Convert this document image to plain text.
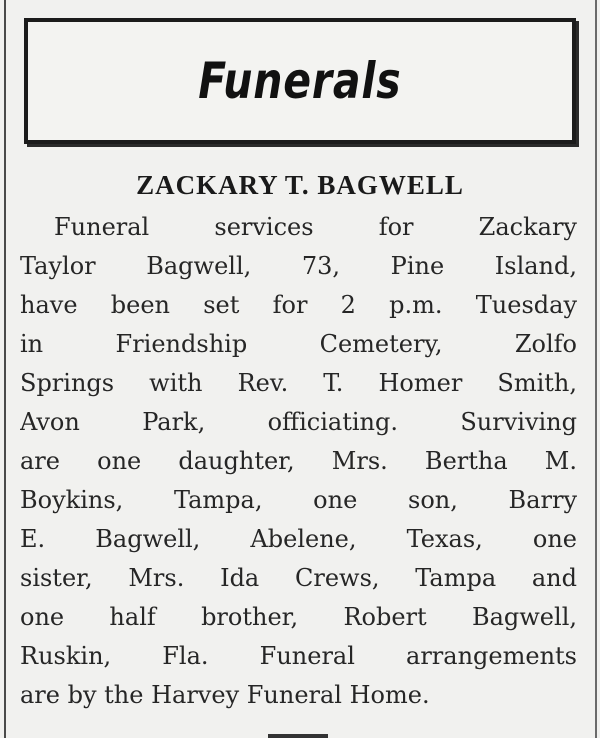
Funerals
ZACKARY T. BAGWELL
Funeral services for Zackary
Taylor Bagwell, 73, Pine Island,
have been set for 2 p.m. Tuesday
in Friendship Cemetery, Zolfo
Springs with Rev. T. Homer Smith,
Avon Park, officiating. Surviving
are one daughter, Mrs. Bertha M.
Boykins, Tampa, one son, Barry
E. Bagwell, Abelene, Texas, one
sister, Mrs. Ida Crews, Tampa and
one half brother, Robert Bagwell,
Ruskin, Fla. Funeral arrangements
are by the Harvey Funeral Home.
